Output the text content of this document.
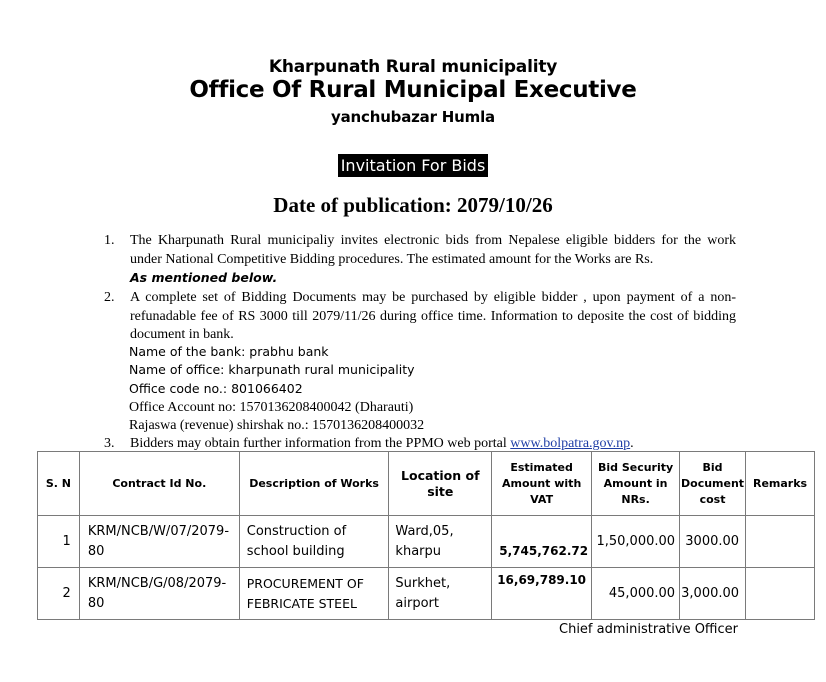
Kharpunath Rural municipality
Office Of Rural Municipal Executive
yanchubazar Humla
Invitation For Bids
Date of publication: 2079/10/26
1. The Kharpunath Rural municipaliy invites electronic bids from Nepalese eligible bidders for the work under National Competitive Bidding procedures. The estimated amount for the Works are Rs.
As mentioned below.
2. A complete set of Bidding Documents may be purchased by eligible bidder , upon payment of a non-refunadable fee of RS 3000 till 2079/11/26 during office time. Information to deposite the cost of bidding document in bank.
Name of the bank: prabhu bank
Name of office: kharpunath rural municipality
Office code no.: 801066402
Office Account no: 1570136208400042 (Dharauti)
Rajaswa (revenue) shirshak no.: 1570136208400032
3. Bidders may obtain further information from the PPMO web portal www.bolpatra.gov.np.
S. N	Contract Id No.	Description of Works	Location of site	Estimated Amount with VAT	Bid Security Amount in NRs.	Bid Document cost	Remarks
1	KRM/NCB/W/07/2079-80	Construction of school building	Ward,05, kharpu	5,745,762.72	1,50,000.00	3000.00	
2	KRM/NCB/G/08/2079-80	PROCUREMENT OF FEBRICATE STEEL	Surkhet, airport	16,69,789.10	45,000.00	3,000.00	
Chief administrative Officer
